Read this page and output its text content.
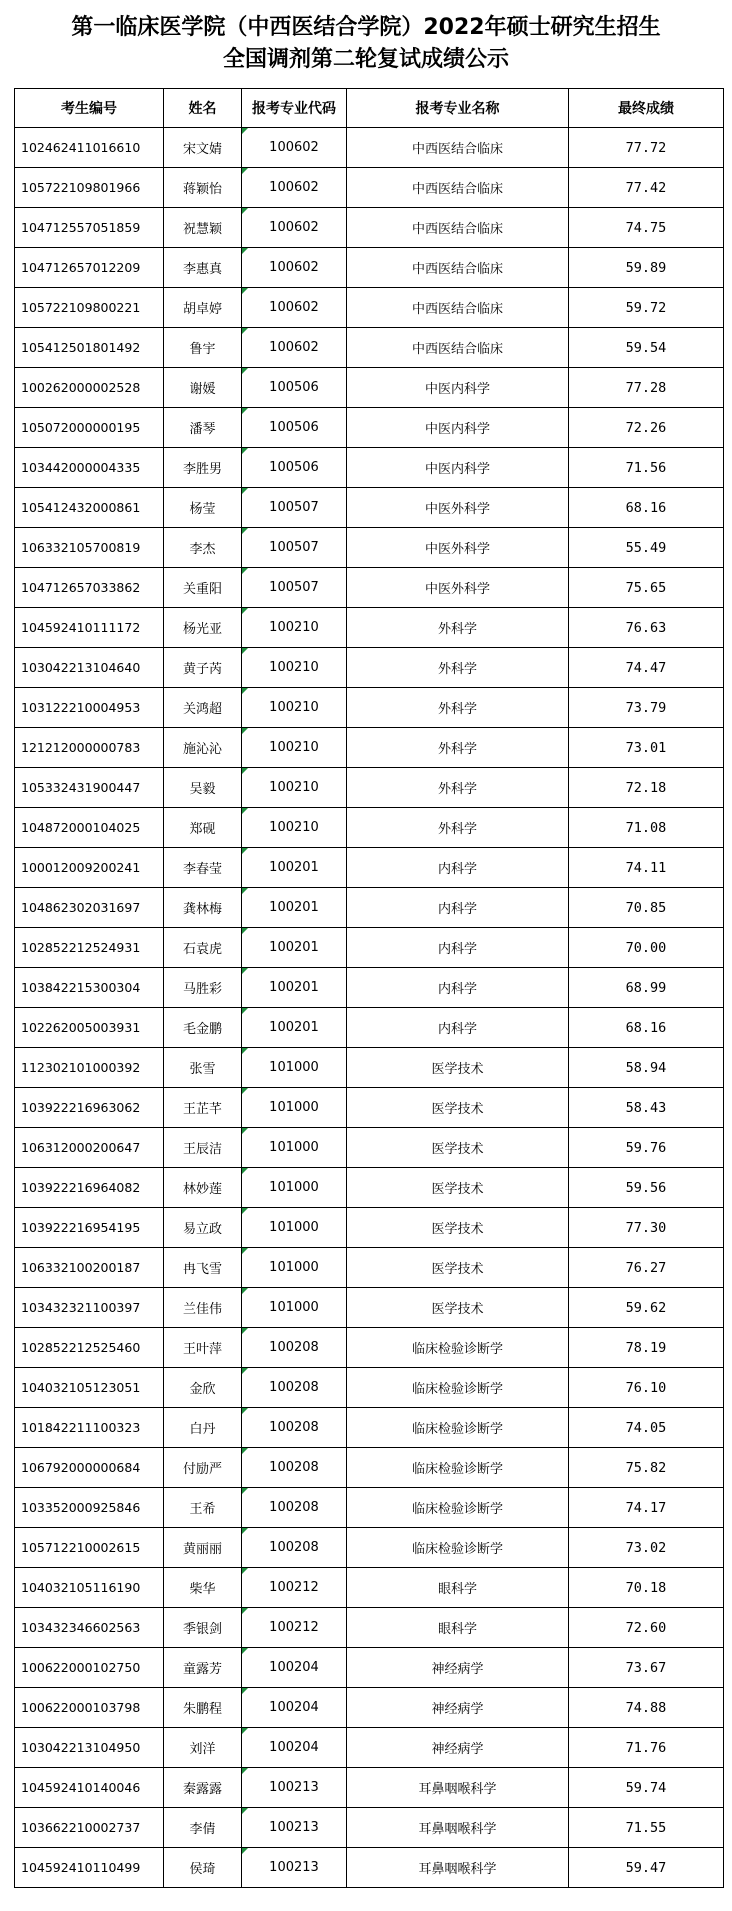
第一临床医学院（中西医结合学院）2022年硕士研究生招生
全国调剂第二轮复试成绩公示
考生编号	姓名	报考专业代码	报考专业名称	最终成绩
102462411016610	宋文婧	100602	中西医结合临床	77.72
105722109801966	蒋颖怡	100602	中西医结合临床	77.42
104712557051859	祝慧颖	100602	中西医结合临床	74.75
104712657012209	李惠真	100602	中西医结合临床	59.89
105722109800221	胡卓婷	100602	中西医结合临床	59.72
105412501801492	鲁宇	100602	中西医结合临床	59.54
100262000002528	谢媛	100506	中医内科学	77.28
105072000000195	潘琴	100506	中医内科学	72.26
103442000004335	李胜男	100506	中医内科学	71.56
105412432000861	杨莹	100507	中医外科学	68.16
106332105700819	李杰	100507	中医外科学	55.49
104712657033862	关重阳	100507	中医外科学	75.65
104592410111172	杨光亚	100210	外科学	76.63
103042213104640	黄子芮	100210	外科学	74.47
103122210004953	关鸿超	100210	外科学	73.79
121212000000783	施沁沁	100210	外科学	73.01
105332431900447	吴毅	100210	外科学	72.18
104872000104025	郑砚	100210	外科学	71.08
100012009200241	李春莹	100201	内科学	74.11
104862302031697	龚林梅	100201	内科学	70.85
102852212524931	石袁虎	100201	内科学	70.00
103842215300304	马胜彩	100201	内科学	68.99
102262005003931	毛金鹏	100201	内科学	68.16
112302101000392	张雪	101000	医学技术	58.94
103922216963062	王芷芊	101000	医学技术	58.43
106312000200647	王辰洁	101000	医学技术	59.76
103922216964082	林妙莲	101000	医学技术	59.56
103922216954195	易立政	101000	医学技术	77.30
106332100200187	冉飞雪	101000	医学技术	76.27
103432321100397	兰佳伟	101000	医学技术	59.62
102852212525460	王叶萍	100208	临床检验诊断学	78.19
104032105123051	金欣	100208	临床检验诊断学	76.10
101842211100323	白丹	100208	临床检验诊断学	74.05
106792000000684	付励严	100208	临床检验诊断学	75.82
103352000925846	王希	100208	临床检验诊断学	74.17
105712210002615	黄丽丽	100208	临床检验诊断学	73.02
104032105116190	柴华	100212	眼科学	70.18
103432346602563	季银剑	100212	眼科学	72.60
100622000102750	童露芳	100204	神经病学	73.67
100622000103798	朱鹏程	100204	神经病学	74.88
103042213104950	刘洋	100204	神经病学	71.76
104592410140046	秦露露	100213	耳鼻咽喉科学	59.74
103662210002737	李倩	100213	耳鼻咽喉科学	71.55
104592410110499	侯琦	100213	耳鼻咽喉科学	59.47
